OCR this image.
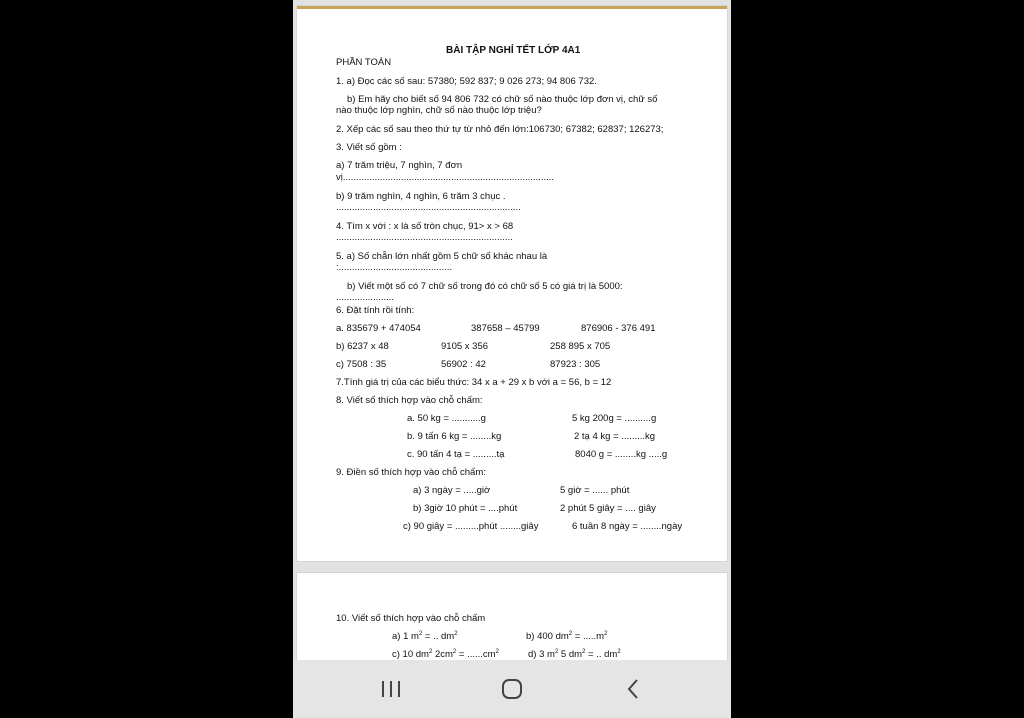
BÀI TẬP NGHỈ TẾT LỚP 4A1
PHẦN TOÁN
1. a) Đọc các số sau: 57380; 592 837; 9 026 273; 94 806 732.
b) Em hãy cho biết số 94 806 732 có chữ số nào thuộc lớp đơn vị, chữ số
nào thuộc lớp nghìn, chữ số nào thuộc lớp triệu?
2. Xếp các số sau theo thứ tự từ nhỏ đến lớn:106730; 67382; 62837; 126273;
3. Viết số gồm :
a) 7 trăm triệu, 7 nghìn, 7 đơn
vị................................................................................
b) 9 trăm nghìn, 4 nghìn, 6 trăm 3 chục .
......................................................................
4. Tìm x với : x là số tròn chục, 91> x > 68
...................................................................
5. a) Số chẵn lớn nhất gồm 5 chữ số khác nhau là
:...........................................
b) Viết một số có 7 chữ số trong đó có chữ số 5 có giá trị là 5000:
......................
6. Đặt tính rồi tính:
a. 835679 + 474054	387658 – 45799	876906 - 376 491
b) 6237 x 48	9105 x 356	258 895 x 705
c) 7508 : 35	56902 : 42	87923 : 305
7.Tính giá trị của các biểu thức: 34 x a + 29 x b với a = 56, b = 12
8. Viết số thích hợp vào chỗ chấm:
a. 50 kg = ...........g	5 kg 200g = ..........g
b. 9 tấn 6 kg = ........kg	2 tạ 4 kg = .........kg
c. 90 tấn 4 tạ = .........tạ	8040 g = ........kg .....g
9. Điền số thích hợp vào chỗ chấm:
a) 3 ngày = .....giờ	5 giờ = ...... phút
b) 3giờ 10 phút = ....phút	2 phút 5 giây = .... giây
c) 90 giây = .........phút ........giây	6 tuần 8 ngày = ........ngày
10. Viết số thích hợp vào chỗ chấm
a) 1 $m^2$ = .. $dm^2$	b) 400 $dm^2 = .....m^2$
c) 10 $dm^2$ $2cm^2 = ......cm^2$	d) 3 $m^2$ 5 $dm^2$ = .. $dm^2$
